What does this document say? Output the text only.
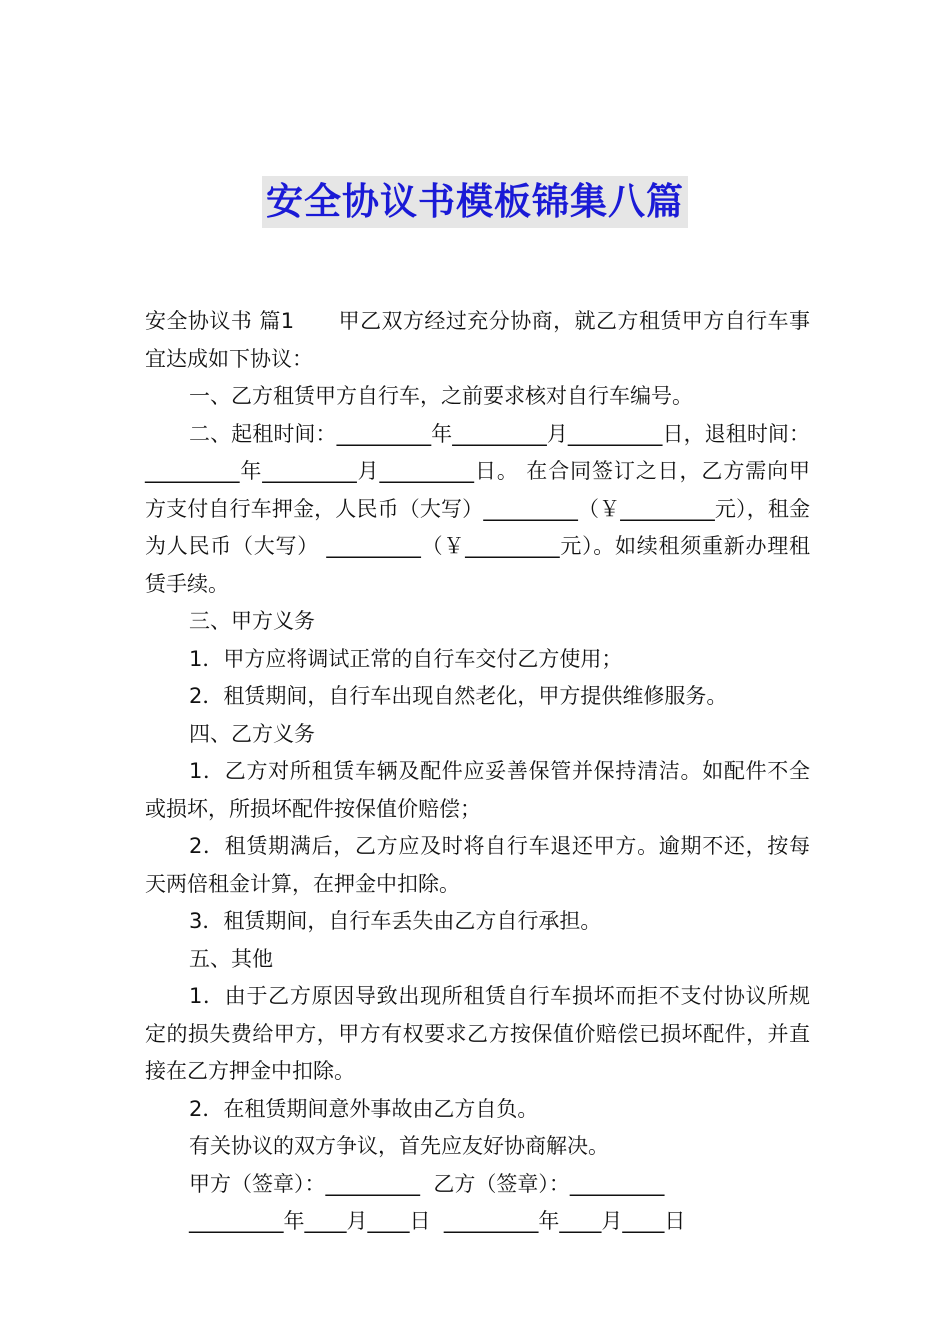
安全协议书模板锦集八篇

安全协议书 篇1 甲乙双方经过充分协商，就乙方租赁甲方自行车事宜达成如下协议：

一、乙方租赁甲方自行车，之前要求核对自行车编号。

二、起租时间：_________年_________月_________日，退租时间：_________年_________月_________日。 在合同签订之日，乙方需向甲方支付自行车押金，人民币（大写）_________（￥_________元），租金为人民币（大写） _________（￥_________元）。如续租须重新办理租赁手续。

三、甲方义务

1．甲方应将调试正常的自行车交付乙方使用；

2．租赁期间，自行车出现自然老化，甲方提供维修服务。

四、乙方义务

1．乙方对所租赁车辆及配件应妥善保管并保持清洁。如配件不全或损坏，所损坏配件按保值价赔偿；

2．租赁期满后，乙方应及时将自行车退还甲方。逾期不还，按每天两倍租金计算，在押金中扣除。

3．租赁期间，自行车丢失由乙方自行承担。

五、其他

1．由于乙方原因导致出现所租赁自行车损坏而拒不支付协议所规定的损失费给甲方，甲方有权要求乙方按保值价赔偿已损坏配件，并直接在乙方押金中扣除。

2．在租赁期间意外事故由乙方自负。

有关协议的双方争议，首先应友好协商解决。

甲方（签章）：_________  乙方（签章）：_________

_________年____月____日  _________年____月____日
